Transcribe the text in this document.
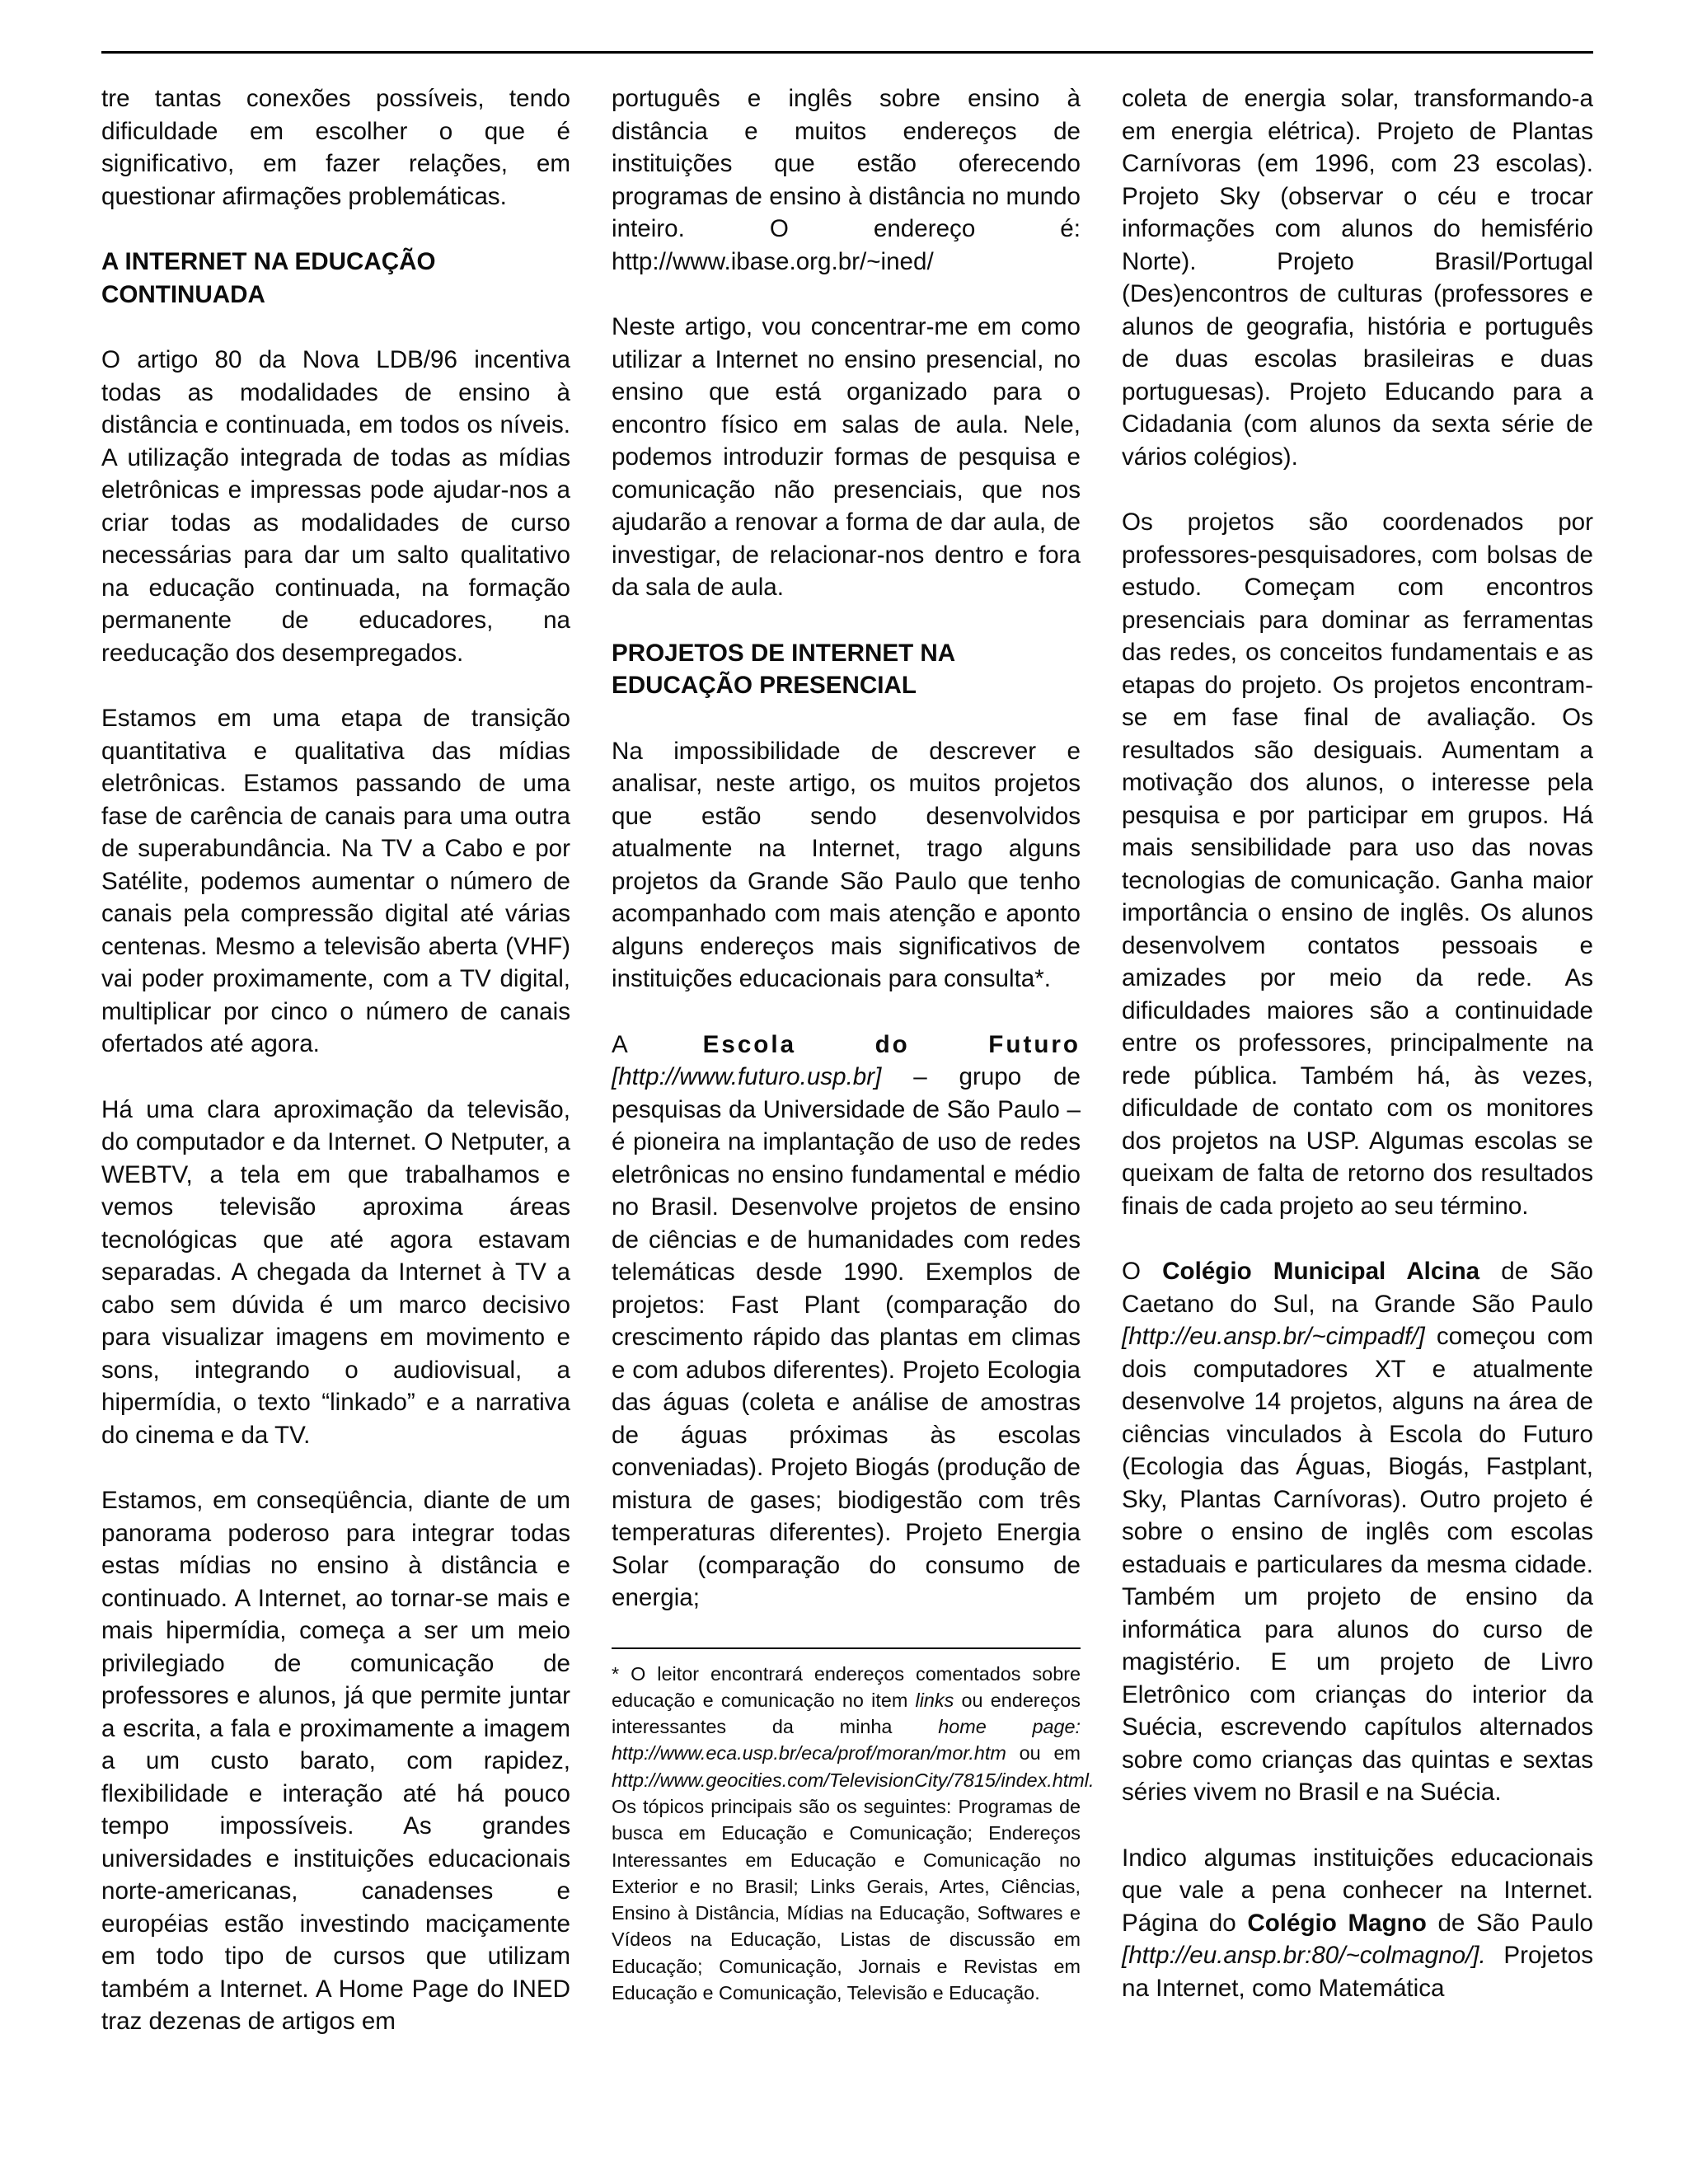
tre tantas conexões possíveis, tendo dificuldade em escolher o que é significativo, em fazer relações, em questionar afirmações problemáticas.

A INTERNET NA EDUCAÇÃO CONTINUADA

O artigo 80 da Nova LDB/96 incentiva todas as modalidades de ensino à distância e continuada, em todos os níveis. A utilização integrada de todas as mídias eletrônicas e impressas pode ajudar-nos a criar todas as modalidades de curso necessárias para dar um salto qualitativo na educação continuada, na formação permanente de educadores, na reeducação dos desempregados.

Estamos em uma etapa de transição quantitativa e qualitativa das mídias eletrônicas. Estamos passando de uma fase de carência de canais para uma outra de superabundância. Na TV a Cabo e por Satélite, podemos aumentar o número de canais pela compressão digital até várias centenas. Mesmo a televisão aberta (VHF) vai poder proximamente, com a TV digital, multiplicar por cinco o número de canais ofertados até agora.

Há uma clara aproximação da televisão, do computador e da Internet. O Netputer, a WEBTV, a tela em que trabalhamos e vemos televisão aproxima áreas tecnológicas que até agora estavam separadas. A chegada da Internet à TV a cabo sem dúvida é um marco decisivo para visualizar imagens em movimento e sons, integrando o audiovisual, a hipermídia, o texto “linkado” e a narrativa do cinema e da TV.

Estamos, em conseqüência, diante de um panorama poderoso para integrar todas estas mídias no ensino à distância e continuado. A Internet, ao tornar-se mais e mais hipermídia, começa a ser um meio privilegiado de comunicação de professores e alunos, já que permite juntar a escrita, a fala e proximamente a imagem a um custo barato, com rapidez, flexibilidade e interação até há pouco tempo impossíveis. As grandes universidades e instituições educacionais norte-americanas, canadenses e européias estão investindo maciçamente em todo tipo de cursos que utilizam também a Internet. A Home Page do INED traz dezenas de artigos em

português e inglês sobre ensino à distância e muitos endereços de instituições que estão oferecendo programas de ensino à distância no mundo inteiro. O endereço é: http://www.ibase.org.br/~ined/

Neste artigo, vou concentrar-me em como utilizar a Internet no ensino presencial, no ensino que está organizado para o encontro físico em salas de aula. Nele, podemos introduzir formas de pesquisa e comunicação não presenciais, que nos ajudarão a renovar a forma de dar aula, de investigar, de relacionar-nos dentro e fora da sala de aula.

PROJETOS DE INTERNET NA EDUCAÇÃO PRESENCIAL

Na impossibilidade de descrever e analisar, neste artigo, os muitos projetos que estão sendo desenvolvidos atualmente na Internet, trago alguns projetos da Grande São Paulo que tenho acompanhado com mais atenção e aponto alguns endereços mais significativos de instituições educacionais para consulta*.

A	Escola do Futuro [http://www.futuro.usp.br] – grupo de pesquisas da Universidade de São Paulo – é pioneira na implantação de uso de redes eletrônicas no ensino fundamental e médio no Brasil. Desenvolve projetos de ensino de ciências e de humanidades com redes telemáticas desde 1990. Exemplos de projetos: Fast Plant (comparação do crescimento rápido das plantas em climas e com adubos diferentes). Projeto Ecologia das águas (coleta e análise de amostras de águas próximas às escolas conveniadas). Projeto Biogás (produção de mistura de gases; biodigestão com três temperaturas diferentes). Projeto Energia Solar (comparação do consumo de energia;

* O leitor encontrará endereços comentados sobre educação e comunicação no item links ou endereços interessantes da minha home page: http://www.eca.usp.br/eca/prof/moran/mor.htm ou em http://www.geocities.com/TelevisionCity/7815/index.html. Os tópicos principais são os seguintes: Programas de busca em Educação e Comunicação; Endereços Interessantes em Educação e Comunicação no Exterior e no Brasil; Links Gerais, Artes, Ciências, Ensino à Distância, Mídias na Educação, Softwares e Vídeos na Educação, Listas de discussão em Educação; Comunicação, Jornais e Revistas em Educação e Comunicação, Televisão e Educação.

coleta de energia solar, transformando-a em energia elétrica). Projeto de Plantas Carnívoras (em 1996, com 23 escolas). Projeto Sky (observar o céu e trocar informações com alunos do hemisfério Norte). Projeto Brasil/Portugal (Des)encontros de culturas (professores e alunos de geografia, história e português de duas escolas brasileiras e duas portuguesas). Projeto Educando para a Cidadania (com alunos da sexta série de vários colégios).

Os projetos são coordenados por professores-pesquisadores, com bolsas de estudo. Começam com encontros presenciais para dominar as ferramentas das redes, os conceitos fundamentais e as etapas do projeto. Os projetos encontram-se em fase final de avaliação. Os resultados são desiguais. Aumentam a motivação dos alunos, o interesse pela pesquisa e por participar em grupos. Há mais sensibilidade para uso das novas tecnologias de comunicação. Ganha maior importância o ensino de inglês. Os alunos desenvolvem contatos pessoais e amizades por meio da rede. As dificuldades maiores são a continuidade entre os professores, principalmente na rede pública. Também há, às vezes, dificuldade de contato com os monitores dos projetos na USP. Algumas escolas se queixam de falta de retorno dos resultados finais de cada projeto ao seu término.

O Colégio Municipal Alcina de São Caetano do Sul, na Grande São Paulo [http://eu.ansp.br/~cimpadf/] começou com dois computadores XT e atualmente desenvolve 14 projetos, alguns na área de ciências vinculados à Escola do Futuro (Ecologia das Águas, Biogás, Fastplant, Sky, Plantas Carnívoras). Outro projeto é sobre o ensino de inglês com escolas estaduais e particulares da mesma cidade. Também um projeto de ensino da informática para alunos do curso de magistério. E um projeto de Livro Eletrônico com crianças do interior da Suécia, escrevendo capítulos alternados sobre como crianças das quintas e sextas séries vivem no Brasil e na Suécia.

Indico algumas instituições educacionais que vale a pena conhecer na Internet. Página do Colégio Magno de São Paulo [http://eu.ansp.br:80/~colmagno/]. Projetos na Internet, como Matemática
